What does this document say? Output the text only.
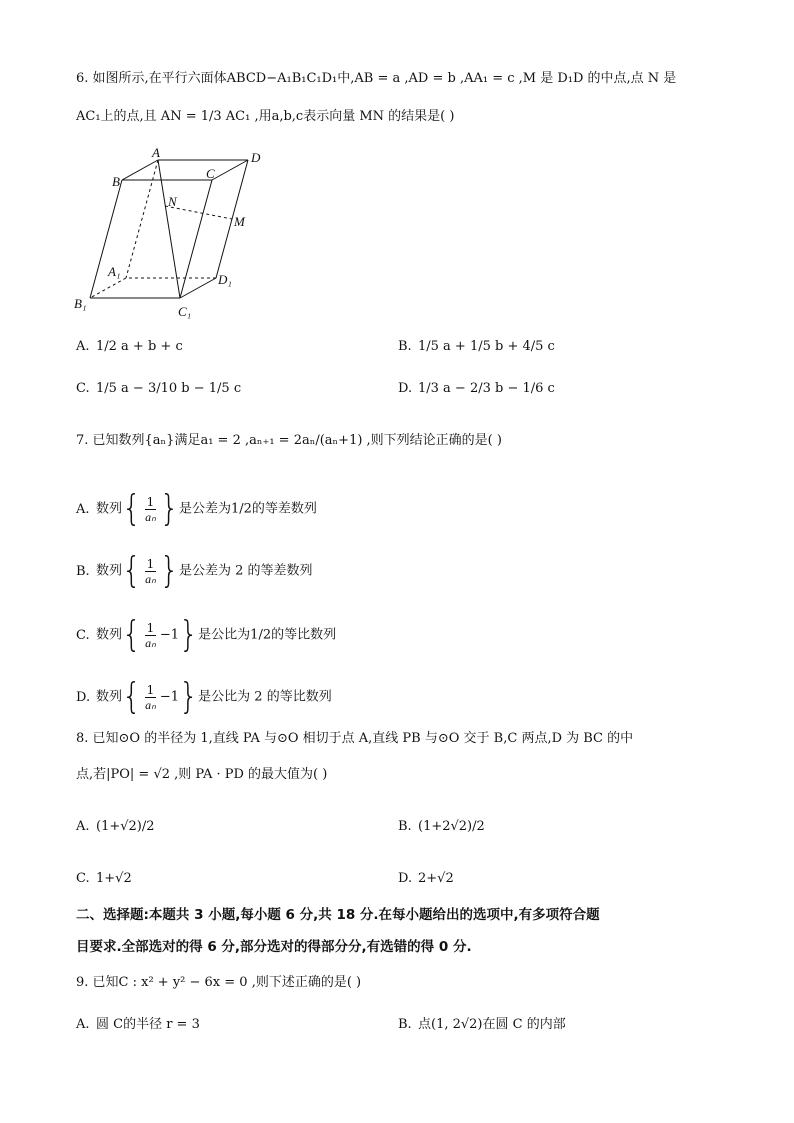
6. 如图所示,在平行六面体ABCD−A₁B₁C₁D₁中,AB = a ,AD = b ,AA₁ = c ,M 是 D₁D 的中点,点 N 是
AC₁上的点,且 AN = 1/3 AC₁ ,用a,b,c表示向量 MN 的结果是( )
A	D
B
C
N
M
A₁
D₁
B₁
C₁
A. 1/2 a + b + c	B. 1/5 a + 1/5 b + 4/5 c
C. 1/5 a − 3/10 b − 1/5 c	D. 1/3 a − 2/3 b − 1/6 c
7. 已知数列{aₙ}满足a₁ = 2 ,aₙ₊₁ = 2aₙ/(aₙ+1) ,则下列结论正确的是( )
A. 数列{ $\frac{1}{\text{aₙ}}$ }是公差为1/2的等差数列
B. 数列{ $\frac{1}{\text{aₙ}}$ }是公差为 2 的等差数列
C. 数列{ $\frac{1}{\text{aₙ}} -1$}是公比为1/2的等比数列
D. 数列{ $\frac{1}{\text{aₙ}} -1$}是公比为 2 的等比数列
8. 已知⊙O 的半径为 1,直线 PA 与⊙O 相切于点 A,直线 PB 与⊙O 交于 B,C 两点,D 为 BC 的中
点,若|PO| = √2 ,则 PA · PD 的最大值为( )
A. (1+√2)/2	B. (1+2√2)/2
C. 1+√2	D. 2+√2
二、选择题:本题共 3 小题,每小题 6 分,共 18 分.在每小题给出的选项中,有多项符合题
目要求.全部选对的得 6 分,部分选对的得部分分,有选错的得 0 分.
9. 已知C : x² + y² − 6x = 0 ,则下述正确的是( )
A. 圆 C的半径 r = 3	B. 点(1, 2√2)在圆 C 的内部
